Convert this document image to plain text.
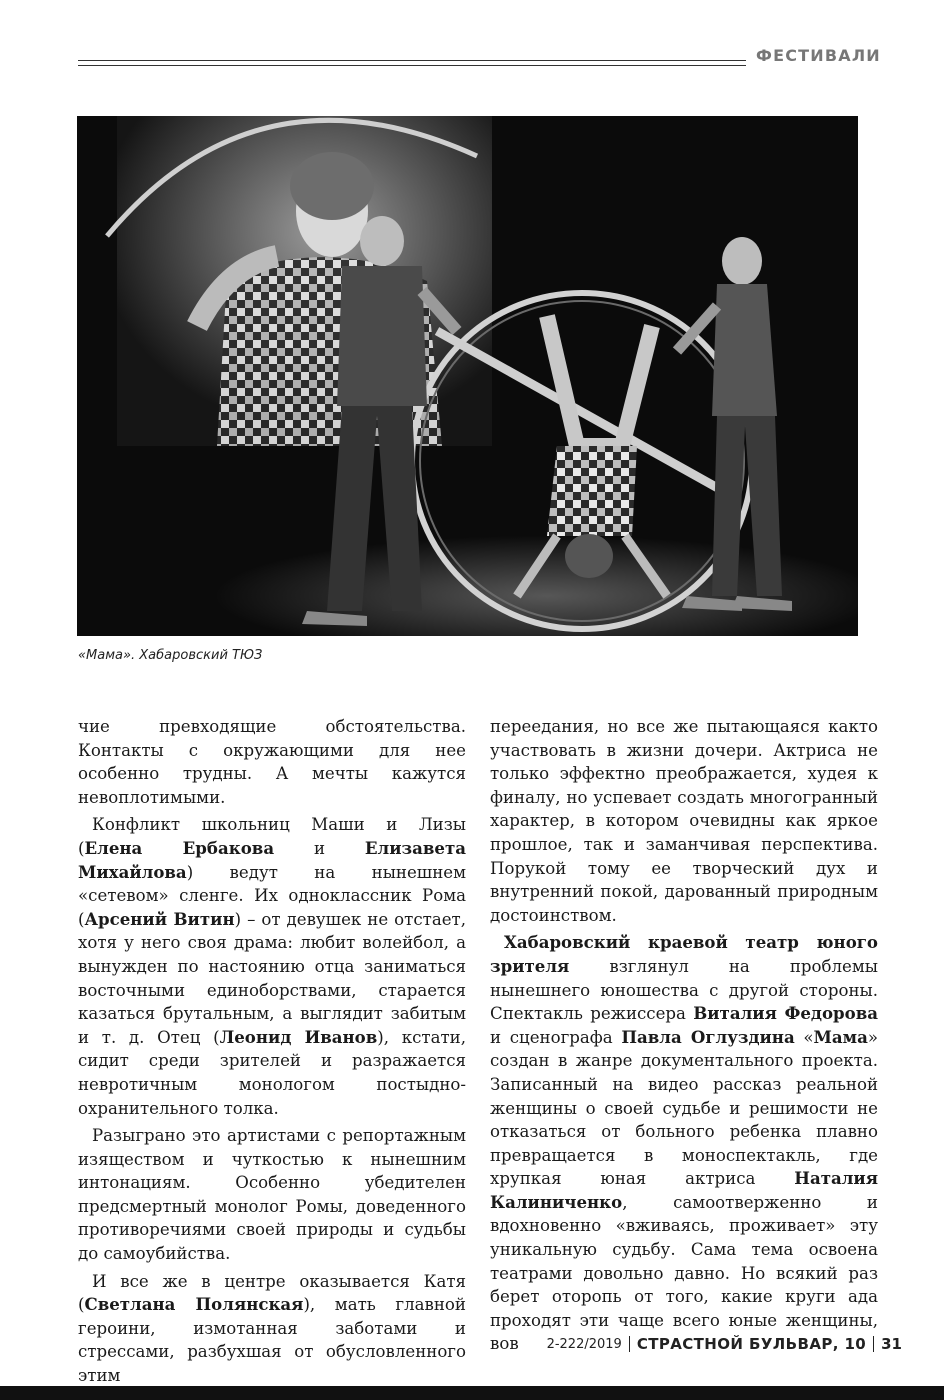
ФЕСТИВАЛИ
«Мама». Хабаровский ТЮЗ

чие превходящие обстоятельства. Контакты с окружающими для нее особенно трудны. А мечты кажутся невоплотимыми.

Конфликт школьниц Маши и Лизы (Елена Ербакова и Елизавета Михайлова) ведут на нынешнем «сетевом» сленге. Их одноклассник Рома (Арсений Витин) – от девушек не отстает, хотя у него своя драма: любит волейбол, а вынужден по настоянию отца заниматься восточными единоборствами, старается казаться брутальным, а выглядит забитым и т. д. Отец (Леонид Иванов), кстати, сидит среди зрителей и разражается невротичным монологом постыдно-охранительного толка.

Разыграно это артистами с репортажным изяществом и чуткостью к нынешним интонациям. Особенно убедителен предсмертный монолог Ромы, доведенного противоречиями своей природы и судьбы до самоубийства.

И все же в центре оказывается Катя (Светлана Полянская), мать главной героини, измотанная заботами и стрессами, разбухшая от обусловленного этим

переедания, но все же пытающаяся както участвовать в жизни дочери. Актриса не только эффектно преображается, худея к финалу, но успевает создать многогранный характер, в котором очевидны как яркое прошлое, так и заманчивая перспектива. Порукой тому ее творческий дух и внутренний покой, дарованный природным достоинством.

Хабаровский краевой театр юного зрителя взглянул на проблемы нынешнего юношества с другой стороны. Спектакль режиссера Виталия Федорова и сценографа Павла Оглуздина «Мама» создан в жанре документального проекта. Записанный на видео рассказ реальной женщины о своей судьбе и решимости не отказаться от больного ребенка плавно превращается в моноспектакль, где хрупкая юная актриса Наталия Калиниченко, самоотверженно и вдохновенно «вживаясь, проживает» эту уникальную судьбу. Сама тема освоена театрами довольно давно. Но всякий раз берет оторопь от того, какие круги ада проходят эти чаще всего юные женщины, вов	2-222/2019 СТРАСТНОЙ БУЛЬВАР, 10 31
